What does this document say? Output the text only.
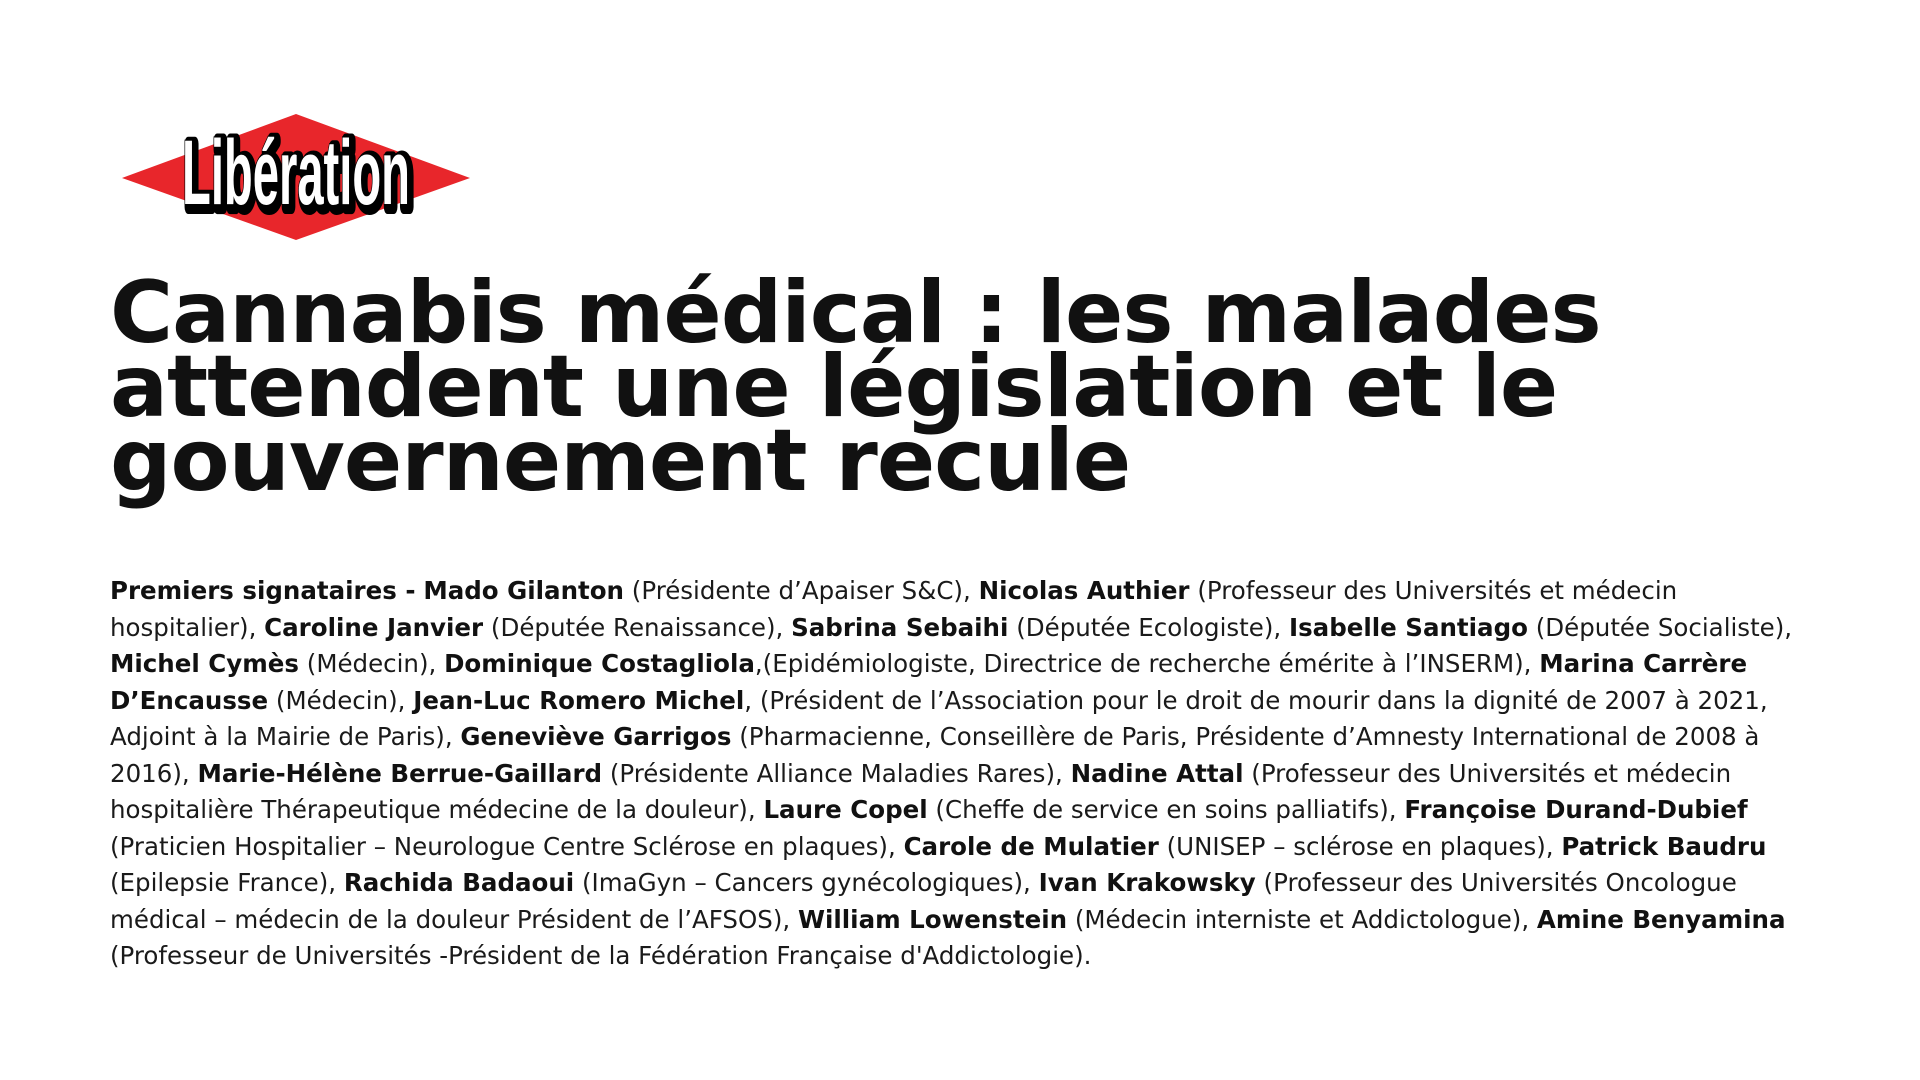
Libération
Libération
Cannabis médical : les malades attendent une législation et le gouvernement recule

Premiers signataires - Mado Gilanton (Présidente d’Apaiser S&C), Nicolas Authier (Professeur des Universités et médecin hospitalier), Caroline Janvier (Députée Renaissance), Sabrina Sebaihi (Députée Ecologiste), Isabelle Santiago (Députée Socialiste), Michel Cymès (Médecin), Dominique Costagliola,(Epidémiologiste, Directrice de recherche émérite à l’INSERM), Marina Carrère D’Encausse (Médecin), Jean-Luc Romero Michel, (Président de l’Association pour le droit de mourir dans la dignité de 2007 à 2021, Adjoint à la Mairie de Paris), Geneviève Garrigos (Pharmacienne, Conseillère de Paris, Présidente d’Amnesty International de 2008 à 2016), Marie-Hélène Berrue-Gaillard (Présidente Alliance Maladies Rares), Nadine Attal (Professeur des Universités et médecin hospitalière Thérapeutique médecine de la douleur), Laure Copel (Cheffe de service en soins palliatifs), Françoise Durand-Dubief (Praticien Hospitalier – Neurologue Centre Sclérose en plaques), Carole de Mulatier (UNISEP – sclérose en plaques), Patrick Baudru (Epilepsie France), Rachida Badaoui (ImaGyn – Cancers gynécologiques), Ivan Krakowsky (Professeur des Universités Oncologue médical – médecin de la douleur Président de l’AFSOS), William Lowenstein (Médecin interniste et Addictologue), Amine Benyamina (Professeur de Universités -Président de la Fédération Française d'Addictologie).
